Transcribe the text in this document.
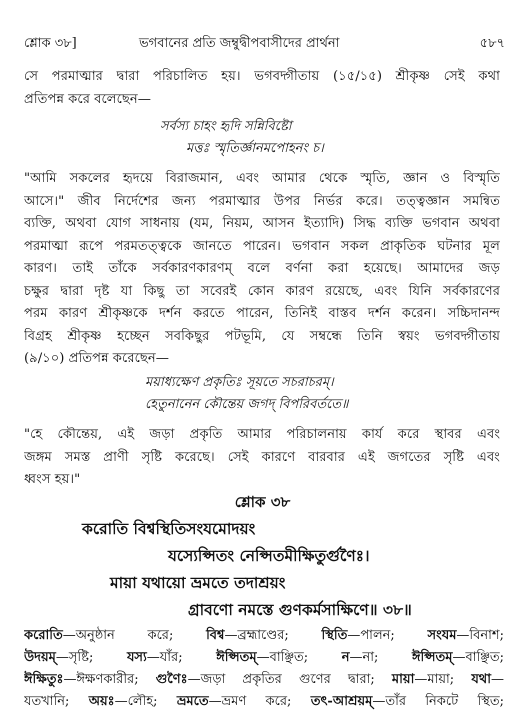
শ্লোক ৩৮]	ভগবানের প্রতি জম্বুদ্বীপবাসীদের প্রার্থনা	৫৮৭
সে পরমাত্মার দ্বারা পরিচালিত হয়। ভগবদ্গীতায় (১৫/১৫) শ্রীকৃষ্ণ সেই কথা
প্রতিপন্ন করে বলেছেন—
সর্বস্য চাহং হৃদি সন্নিবিষ্টো
মত্তঃ স্মৃতির্জ্ঞানমপোহনং চ।
"আমি সকলের হৃদয়ে বিরাজমান, এবং আমার থেকে স্মৃতি, জ্ঞান ও বিস্মৃতি
আসে।" জীব নির্দেশের জন্য পরমাত্মার উপর নির্ভর করে। তত্ত্বজ্ঞান সমন্বিত
ব্যক্তি, অথবা যোগ সাধনায় (যম, নিয়ম, আসন ইত্যাদি) সিদ্ধ ব্যক্তি ভগবান অথবা
পরমাত্মা রূপে পরমতত্ত্বকে জানতে পারেন। ভগবান সকল প্রাকৃতিক ঘটনার মূল
কারণ। তাই তাঁকে সর্বকারণকারণম্ বলে বর্ণনা করা হয়েছে। আমাদের জড়
চক্ষুর দ্বারা দৃষ্ট যা কিছু তা সবেরই কোন কারণ রয়েছে, এবং যিনি সর্বকারণের
পরম কারণ শ্রীকৃষ্ণকে দর্শন করতে পারেন, তিনিই বাস্তব দর্শন করেন। সচ্চিদানন্দ
বিগ্রহ শ্রীকৃষ্ণ হচ্ছেন সবকিছুর পটভূমি, যে সম্বন্ধে তিনি স্বয়ং ভগবদ্গীতায়
(৯/১০) প্রতিপন্ন করেছেন—
ময়াধ্যক্ষেণ প্রকৃতিঃ সূয়তে সচরাচরম্।
হেতুনানেন কৌন্তেয় জগদ্ বিপরিবর্ততে॥
"হে কৌন্তেয়, এই জড়া প্রকৃতি আমার পরিচালনায় কার্য করে স্থাবর এবং
জঙ্গম সমস্ত প্রাণী সৃষ্টি করেছে। সেই কারণে বারবার এই জগতের সৃষ্টি এবং
ধ্বংস হয়।"
শ্লোক ৩৮
করোতি বিশ্বস্থিতিসংযমোদয়ং
যস্যেপ্সিতং নেপ্সিতমীক্ষিতুর্গুণৈঃ।
মায়া যথায়ো ভ্রমতে তদাশ্রয়ং
গ্রাবণো নমস্তে গুণকর্মসাক্ষিণে॥ ৩৮॥
করোতি—অনুষ্ঠান করে; বিশ্ব—ব্রহ্মাণ্ডের; স্থিতি—পালন; সংযম—বিনাশ;
উদয়ম্—সৃষ্টি; যস্য—যাঁর; ঈপ্সিতম্—বাঞ্ছিত; ন—না; ঈপ্সিতম্—বাঞ্ছিত;
ঈক্ষিতুঃ—ঈক্ষণকারীর; গুণৈঃ—জড়া প্রকৃতির গুণের দ্বারা; মায়া—মায়া; যথা—
যতখানি; অয়ঃ—লৌহ; ভ্রমতে—ভ্রমণ করে; তৎ-আশ্রয়ম্—তাঁর নিকটে স্থিত;
